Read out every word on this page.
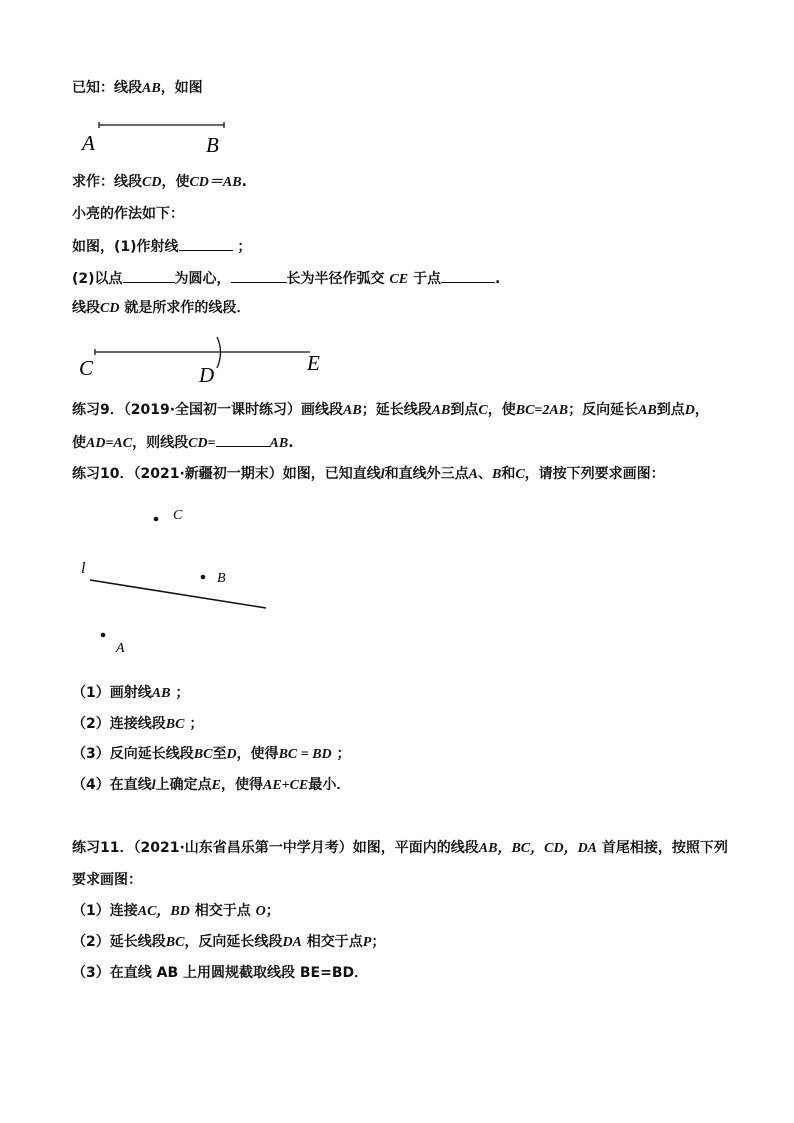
已知：线段AB，如图
A	B
求作：线段CD，使CD＝AB.
小亮的作法如下：
如图，(1)作射线	；
(2)以点	为圆心，	长为半径作弧交 CE 于点	.
线段CD 就是所求作的线段．
C	D	E
练习9．（2019·全国初一课时练习）画线段AB；延长线段AB到点C，使BC=2AB；反向延长AB到点D，
使AD=AC，则线段CD=	AB.
练习10．（2021·新疆初一期末）如图，已知直线l和直线外三点A、B和C，请按下列要求画图：
C
l
B
A
（1）画射线AB ；
（2）连接线段BC ；
（3）反向延长线段BC至D，使得BC = BD ；
（4）在直线l上确定点E，使得AE+CE最小．
练习11．（2021·山东省昌乐第一中学月考）如图，平面内的线段AB，BC，CD，DA 首尾相接，按照下列
要求画图：
（1）连接AC，BD 相交于点 O；
（2）延长线段BC，反向延长线段DA 相交于点P；
（3）在直线 AB 上用圆规截取线段 BE=BD．
